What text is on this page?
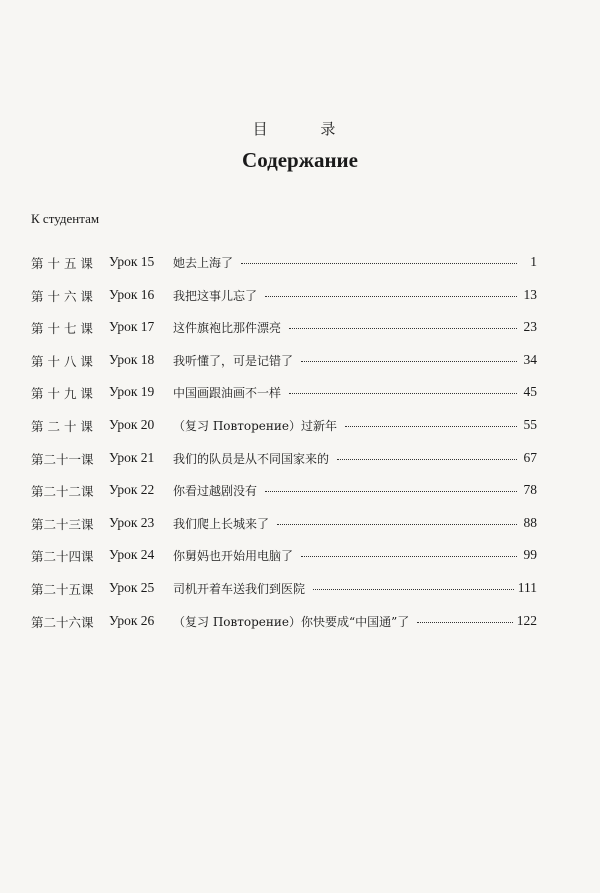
目 录
Содержание
К студентам
第 十 五 课	Урок 15	她去上海了	1
第 十 六 课	Урок 16	我把这事儿忘了	13
第 十 七 课	Урок 17	这件旗袍比那件漂亮	23
第 十 八 课	Урок 18	我听懂了，可是记错了	34
第 十 九 课	Урок 19	中国画跟油画不一样	45
第 二 十 课	Урок 20	（复习 Повторение）过新年	55
第二十一课	Урок 21	我们的队员是从不同国家来的	67
第二十二课	Урок 22	你看过越剧没有	78
第二十三课	Урок 23	我们爬上长城来了	88
第二十四课	Урок 24	你舅妈也开始用电脑了	99
第二十五课	Урок 25	司机开着车送我们到医院	111
第二十六课	Урок 26	（复习 Повторение）你快要成“中国通”了	122
